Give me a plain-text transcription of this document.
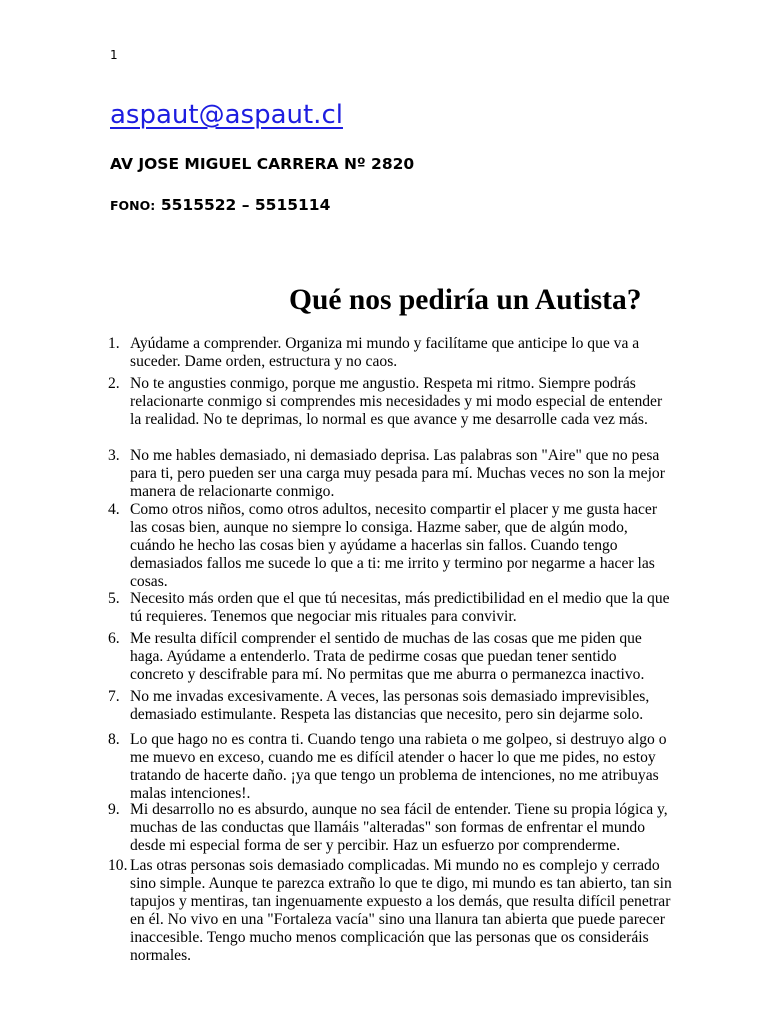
1
aspaut@aspaut.cl
AV JOSE MIGUEL CARRERA Nº 2820
FONO: 5515522 – 5515114
Qué nos pediría un Autista?
1. Ayúdame a comprender. Organiza mi mundo y facilítame que anticipe lo que va a suceder. Dame orden, estructura y no caos.
2. No te angusties conmigo, porque me angustio. Respeta mi ritmo. Siempre podrás relacionarte conmigo si comprendes mis necesidades y mi modo especial de entender la realidad. No te deprimas, lo normal es que avance y me desarrolle cada vez más.
3. No me hables demasiado, ni demasiado deprisa. Las palabras son "Aire" que no pesa para ti, pero pueden ser una carga muy pesada para mí. Muchas veces no son la mejor manera de relacionarte conmigo.
4. Como otros niños, como otros adultos, necesito compartir el placer y me gusta hacer las cosas bien, aunque no siempre lo consiga. Hazme saber, que de algún modo, cuándo he hecho las cosas bien y ayúdame a hacerlas sin fallos. Cuando tengo demasiados fallos me sucede lo que a ti: me irrito y termino por negarme a hacer las cosas.
5. Necesito más orden que el que tú necesitas, más predictibilidad en el medio que la que tú requieres. Tenemos que negociar mis rituales para convivir.
6. Me resulta difícil comprender el sentido de muchas de las cosas que me piden que haga. Ayúdame a entenderlo. Trata de pedirme cosas que puedan tener sentido concreto y descifrable para mí. No permitas que me aburra o permanezca inactivo.
7. No me invadas excesivamente. A veces, las personas sois demasiado imprevisibles, demasiado estimulante. Respeta las distancias que necesito, pero sin dejarme solo.
8. Lo que hago no es contra ti. Cuando tengo una rabieta o me golpeo, si destruyo algo o me muevo en exceso, cuando me es difícil atender o hacer lo que me pides, no estoy tratando de hacerte daño. ¡ya que tengo un problema de intenciones, no me atribuyas malas intenciones!.
9. Mi desarrollo no es absurdo, aunque no sea fácil de entender. Tiene su propia lógica y, muchas de las conductas que llamáis "alteradas" son formas de enfrentar el mundo desde mi especial forma de ser y percibir. Haz un esfuerzo por comprenderme.
10. Las otras personas sois demasiado complicadas. Mi mundo no es complejo y cerrado sino simple. Aunque te parezca extraño lo que te digo, mi mundo es tan abierto, tan sin tapujos y mentiras, tan ingenuamente expuesto a los demás, que resulta difícil penetrar en él. No vivo en una "Fortaleza vacía" sino una llanura tan abierta que puede parecer inaccesible. Tengo mucho menos complicación que las personas que os consideráis normales.
